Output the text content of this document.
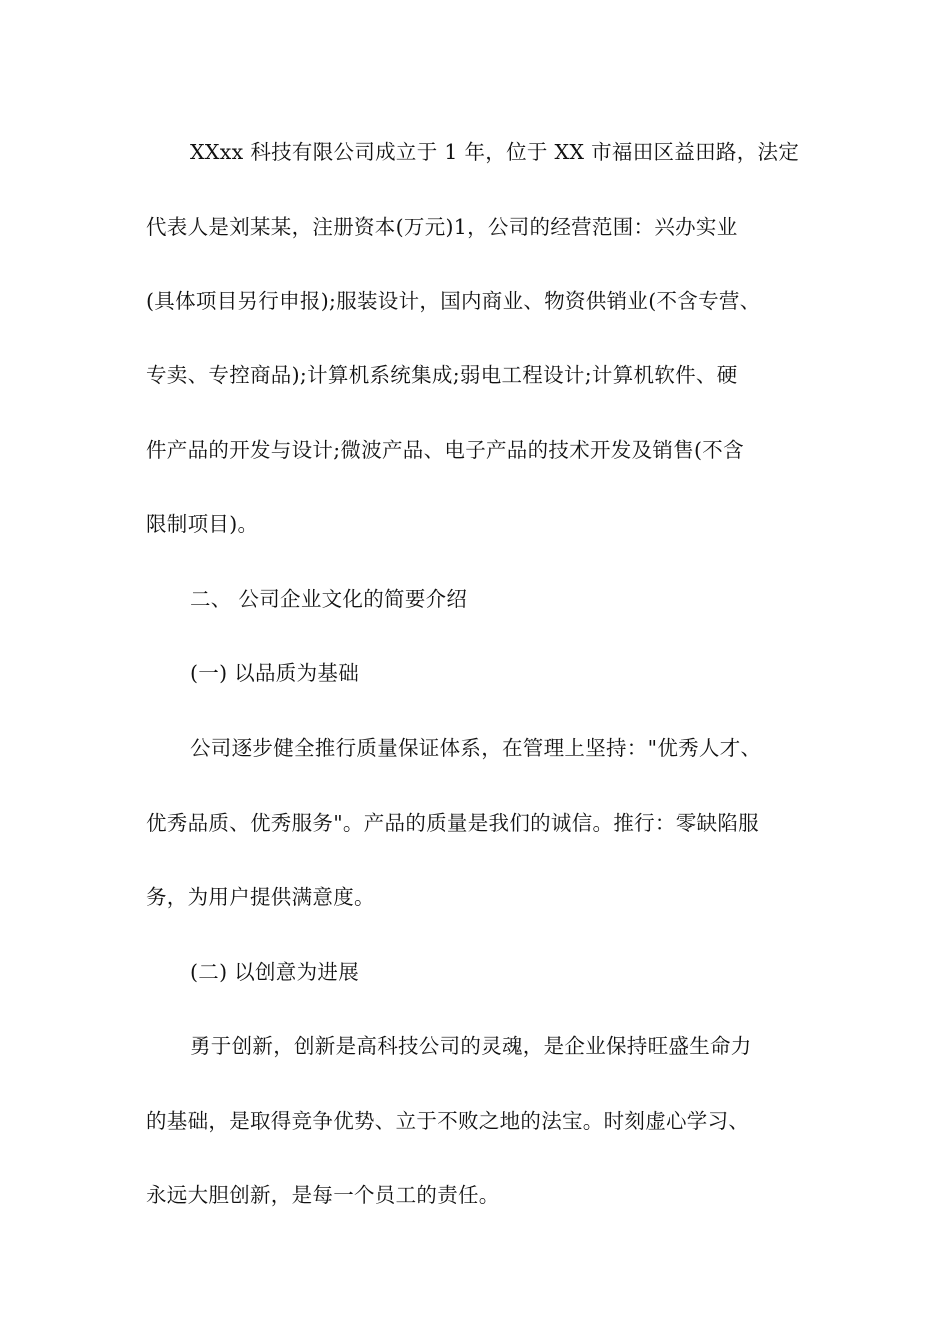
XXxx 科技有限公司成立于 1 年，位于 XX 市福田区益田路，法定
代表人是刘某某，注册资本(万元)1，公司的经营范围：兴办实业
(具体项目另行申报);服装设计，国内商业、物资供销业(不含专营、
专卖、专控商品);计算机系统集成;弱电工程设计;计算机软件、硬
件产品的开发与设计;微波产品、电子产品的技术开发及销售(不含
限制项目)。
二、 公司企业文化的简要介绍
(一) 以品质为基础
公司逐步健全推行质量保证体系，在管理上坚持："优秀人才、
优秀品质、优秀服务"。产品的质量是我们的诚信。推行：零缺陷服
务，为用户提供满意度。
(二) 以创意为进展
勇于创新，创新是高科技公司的灵魂，是企业保持旺盛生命力
的基础，是取得竞争优势、立于不败之地的法宝。时刻虚心学习、
永远大胆创新，是每一个员工的责任。
